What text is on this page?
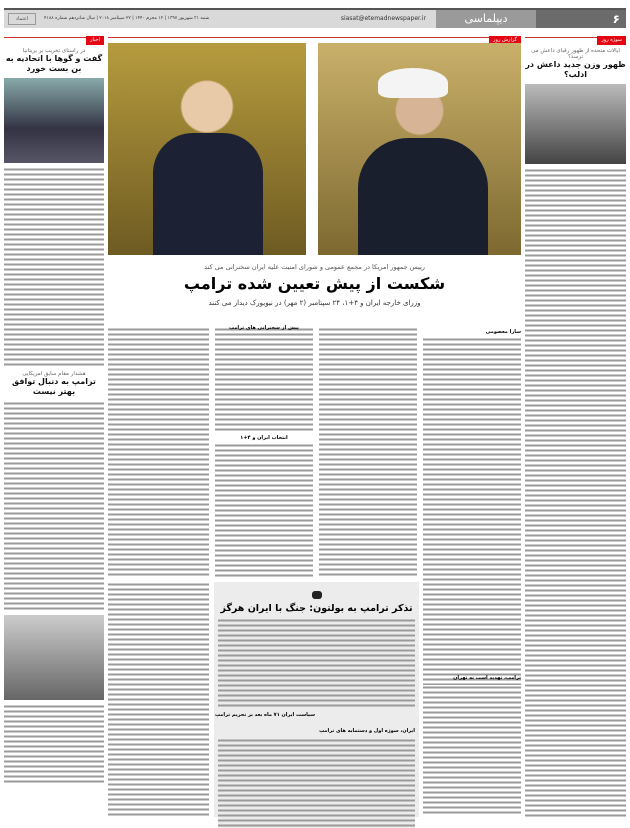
۶
دیپلماسی
siasat@etemadnewspaper.ir
شنبه ۳۱ شهریور ۱۳۹۷ | ۱۲ محرم ۱۴۴۰ | ۲۲ سپتامبر ۲۰۱۸ | سال شانزدهم شماره ۴۱۸۸
اعتماد
سوژه روز
ایالات متحده از ظهور رقبای داعش می ترسد؟
ظهور وزن جدید داعش در ادلب؟
اخبار
در راستای تخریب بر بریتانیا
گفت و گوها با اتحادیه به بن بست خورد
هشدار مقام سابق امریکایی
ترامپ به دنبال توافق بهتر نیست
گزارش روز
رییس جمهور امریکا در مجمع عمومی و شورای امنیت علیه ایران سخنرانی می کند
شکست از پیش تعیین شده ترامپ
وزرای خارجه ایران و ۴+۱، ۲۴ سپتامبر (۲ مهر) در نیویورک دیدار می کنند
سارا معصومی
انتخاب ایران و ۴+۱
ترامپ، تهدید است نه تهران
تذکر ترامپ به بولتون: جنگ با ایران هرگز
سیاست ایران ۷۱ ماه بعد بر تحریم ترامپ
ایران، سوژه اول و دستمایه های ترامپ
پیش از سخنرانی های ترامپ
